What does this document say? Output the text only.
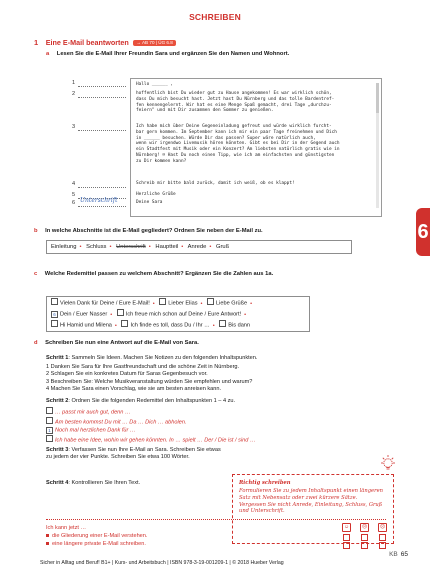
SCHREIBEN
1 Eine E-Mail beantworten → AB 70 | ÜG 6.8
a Lesen Sie die E-Mail Ihrer Freundin Sara und ergänzen Sie den Namen und Wohnort.
1
2
3
4
5
6 Unterschrift
Hallo ______ ,
hoffentlich bist Du wieder gut zu Hause angekommen! Es war wirklich schön,
dass Du mich besucht hast. Jetzt hast Du Nürnberg und das tolle Bardentref-
fen kennengelernt. Wir hat es eine Menge Spaß gemacht, drei Tage „durchzu-
feiern" und mit Dir zusammen den Sommer zu genießen.
Ich habe mich über Deine Gegeneinladung gefreut und würde wirklich furcht-
bar gern kommen. Im September kann ich mir ein paar Tage freinehmen und Dich
in ______ besuchen. Würde Dir das passen? Super wäre natürlich auch,
wenn wir irgendwo Livemusik hören könnten. Gibt es bei Dir in der Gegend auch
ein Stadtfest mit Musik oder ein Konzert? Am liebsten natürlich gratis wie in
Nürnberg! ☺ Hast Du noch einen Tipp, wie ich am einfachsten und günstigsten
zu Dir kommen kann?
Schreib mir bitte bald zurück, damit ich weiß, ob es klappt!
Herzliche Grüße
Deine Sara
6
b In welche Abschnitte ist die E-Mail gegliedert? Ordnen Sie neben der E-Mail zu.
Einleitung • Schluss • Unterschrift • Hauptteil • Anrede • Gruß
c Welche Redemittel passen zu welchem Abschnitt? Ergänzen Sie die Zahlen aus 1a.
Vielen Dank für Deine / Eure E-Mail! • Lieber Elias • Liebe Grüße •
6 Dein / Euer Nasser • Ich freue mich schon auf Deine / Eure Antwort! •
Hi Hamid und Milena • Ich finde es toll, dass Du / Ihr … • Bis dann
d Schreiben Sie nun eine Antwort auf die E-Mail von Sara.
Schritt 1: Sammeln Sie Ideen. Machen Sie Notizen zu den folgenden Inhaltspunkten.
1 Danken Sie Sara für Ihre Gastfreundschaft und die schöne Zeit in Nürnberg.
2 Schlagen Sie ein konkretes Datum für Saras Gegenbesuch vor.
3 Beschreiben Sie: Welche Musikveranstaltung würden Sie empfehlen und warum?
4 Machen Sie Sara einen Vorschlag, wie sie am besten anreisen kann.
Schritt 2: Ordnen Sie die folgenden Redemittel den Inhaltspunkten 1 – 4 zu.
… passt mir auch gut, denn …
Am besten kommst Du mit … Da … Dich … abholen.
1 Noch mal herzlichen Dank für …
Ich habe eine Idee, wohin wir gehen könnten. In … spielt … Der / Die ist / sind …
Schritt 3: Verfassen Sie nun Ihre E-Mail an Sara. Schreiben Sie etwas zu jedem der vier Punkte. Schreiben Sie etwa 100 Wörter.
Schritt 4: Kontrollieren Sie Ihren Text.	Richtig schreiben
Formulieren Sie zu jedem Inhaltspunkt einen längeren Satz mit Nebensatz oder zwei kürzere Sätze. Vergessen Sie nicht Anrede, Einleitung, Schluss, Gruß und Unterschrift.
Ich kann jetzt …
die Gliederung einer E-Mail verstehen.
eine längere private E-Mail schreiben.
☺	😐	☹
KB 65
Sicher in Alltag und Beruf! B1+ | Kurs- und Arbeitsbuch | ISBN 978-3-19-001209-1 | © 2018 Hueber Verlag
